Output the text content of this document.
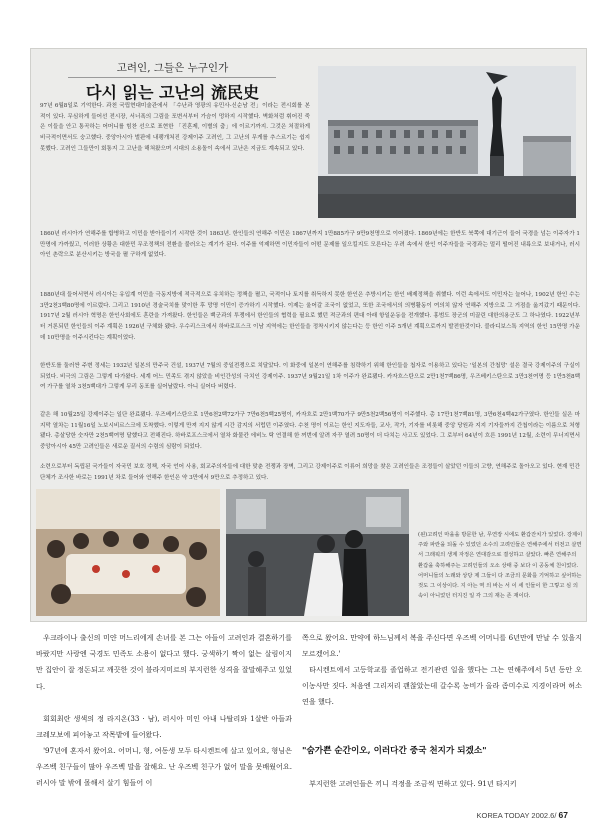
고려인, 그들은 누구인가
다시 읽는 고난의 流民史

97년 6월8일로 기억한다. 과천 국립현대미술관에서 「수난과 영광의 유민사-신순남 전」이라는 전시회를 본 적이 있다. 무심하게 들어선 전시장, 서너폭의 그림을 포변서부터 가슴이 멍하지 시작했다. 벽화처럼 휘어진 죽은 이들을 안고 통곡하는 어머니를 힘찬 선으로 표현한 「진혼제, 이별의 춤」에 이르기까지. 그것은 처절하게 비극적이면서도 숭고했다. 중앙아시아 벌판에 내팽개쳐진 강제이주 고려인, 그 고난의 무게를 추스르기는 쉽지 못했다. 고려인 그들만이 회통지 그 고난을 해쳐왔으며 시대의 소용돌이 속에서 고난은 지금도 계속되고 있다.

1860년 러시아가 연해주를 합병하고 이민을 받아들이기 시작한 것이 1863년. 한인들의 연해주 이민은 1867년까지 1만885가구 9만9천명으로 이어졌다. 1869년에는 한반도 북쪽에 대기근이 들어 국경을 넘는 이주자가 1만명에 가까웠고, 이러한 상황은 대한민 무조정책의 전환을 불러오는 계기가 된다. 이주를 억제하면 이민자들이 어떤 문제를 일으킬지도 모른다는 우려 속에서 한인 이주자들을 국경과는 멀리 떨어진 내륙으로 보내거나, 러시아인 촌락으로 분산시키는 방국을 펼 구하게 없었다.

1880년대 들어서면서 러시아는 유입계 이민을 극동지방에 적극적으로 유치하는 정책을 펼고, 국적이나 토지를 취득하지 못한 한인은 추방시키는 한인 배제정책을 취했다. 이런 속에서도 이민자는 늘어나, 1902년 한인 수는 3만2천3백80명에 이르렀다. 그리고 1910년 경술국치를 맞이한 후 망명 이민이 증가하기 시작했다. 이제는 울어갈 조국이 없었고, 또한 조국에서의 의병활동이 여의치 않자 연해주 지방으로 그 거점을 옮겨갔기 때문이다. 1917년 2월 러시아 혁명은 한인사회에도 혼란을 가져왔다. 한인들은 백군과의 투쟁에서 한인들의 협력을 필요로 했던 적군과의 편대 아래 항일운동을 전개했다. 홍범도 장군의 미끌린 대한의용군도 그 하나였다. 1922년부터 거론되던 한인들의 이주 계획은 1926년 구체화 됐다. 우수리스크에서 하바로프스크 이남 지역에는 한인들을 정착시키지 않는다는 등 한인 이주 5개년 계획으로까지 발전한것이다. 블라디보스톡 지역의 한인 15만명 가운데 10만명을 이주시킨다는 계획이었다.

한반도를 둘러싼 주변 정세는 1932년 일본의 만주국 건설, 1937년 7월의 중일전쟁으로 치달았다. 이 화중에 일본이 연해주를 침략하기 위해 한인들을 첩자로 이용하고 있다는 '일본의 간첩망' 설은 결국 강제이주의 구실이 되었다. 비극의 그림은 그렇게 다가왔다. 세계 어느 민족도 겪지 않았을 비인간성의 극치인 강제이주. 1937년 9월21일 1차 이주가 완료됐다. 카자흐스탄으로 2만1천7백86명, 우즈베키스탄으로 3만3천여명 등 1만5천8백여 가구를 열차 3천5백대가 그렇게 무리 동포를 실어날랐다. 아니 실어다 버렸다.

같은 해 10월25일 강제이주는 일단 완료됐다. 우즈베키스탄으로 1만6천2백72가구 7만6천5백25명이, 카자흐로 2만1백70가구 9만5천2백56명이 이주했다. 총 17만1천7백81명, 3만6천4백42가구였다. 한인들 실은 마지막 열차는 11월16일 노보시비르스크에 도착했다. 이렇게 만져 지지 않게 시간 감지의 서럽던 이주였다. 수천 명이 이르는 한인 지도자들, 교사, 작가, 기자를 비롯해 중앙 당원과 지지 기자들까지 간첩이라는 이름으로 처형됐다. 총살당한 숫자만 2천5백여명 달했다고 전해진다. 하바로프스크에서 열차 화물칸 에비노 탁 연결해 한 꺼번에 알려 자꾸 열려 50명이 더 다치는 사고도 있었다. 그 로부터 64년이 흐른 1991년 12월, 소련이 무너지면서 중앙아시아 45만 고려인들은 새로운 질서의 수렴의 심람이 되었다.

소련으로부터 독립된 국가들이 자국민 보호 정책, 자국 언어 사용, 회교주의자들에 대한 맞춘 전쟁과 장벽, 그리고 강제이주로 이류어 희망을 찾은 고려인들은 조정들이 살았던 이들의 고향, 연해주로 돌아오고 있다. 현재 민간 단체가 조사한 바로는 1991년 차로 들어와 연해주 한인은 약 3만에서 9만으로 추정하고 있다.

(왼)고려인 마을을 방문한 남, 무연장 시에도 환갑잔치가 있었다. 강제이주와 파란을 되돌 수 있었던 소수의 고려인들은 연해주에서 터전고 살면서 그래픽의 생계 자정은 연대감으로 결성하고 살았다. 빠른 연해주의 환갑을 축하해주는 고려인들의 오소 상태 중 보다 이 공동체 친이었다. 어머니들의 노래와 상당 제 그들이 다 조금의 문화를 기억하고 싶어하는 것도 그 이상이다. 지 아는 역 의 바는 서 이 세 인들이 한 그렇고 심 의 속이 아니었던 터지진 일 각 그의 재는 존 재이다.

우크라이나 출신의 미얀 머느리에게 손녀를 본 그는 아들이 고려인과 결혼하기를 바랐지만 사랑엔 국경도 민족도 소용이 없다고 했다. 궁색하기 짝이 없는 살림이지만 집안이 잘 정돈되고 깨끗한 것이 블라지미르의 부지런한 성격을 잘말해주고 있었다.

회회최란 생색의 정 라지온(33 · 남), 러시아 미인 아내 나탈리와 1살반 아들과 크레모보에 피어놓고 작목밭에 들어왔다.

'97년에 혼자서 왔어요. 어머니, 형, 여동생 모두 타시켄트에 살고 있어요, 형님은 우즈벡 친구들이 많아 우즈벡 말을 잘해요. 난 우즈벡 친구가 없어 말을 못배웠어요. 러시아 말 밖에 몰해서 살기 힘들어 이

쪽으로 왔어요. 만약에 하느님께서 복을 주신다면 우즈벡 어머니를 6년만에 만날 수 있을지 모르겠어요.'

타시켄트에서 고등학교를 졸업하고 전기관련 일을 했다는 그는 연해주에서 5년 동안 오이농사만 짓다. 처음엔 그리저리 괜찮았는데 갈수록 농비가 올라 좀미수로 지경이라며 허소연을 했다.

"숨가쁜 순간이오, 이러다간 중국 천지가 되겠소"

부지런한 고려인들은 끼니 걱정을 조금씩 면하고 있다. 91년 타지키

KOREA TODAY 2002.6/ 67
